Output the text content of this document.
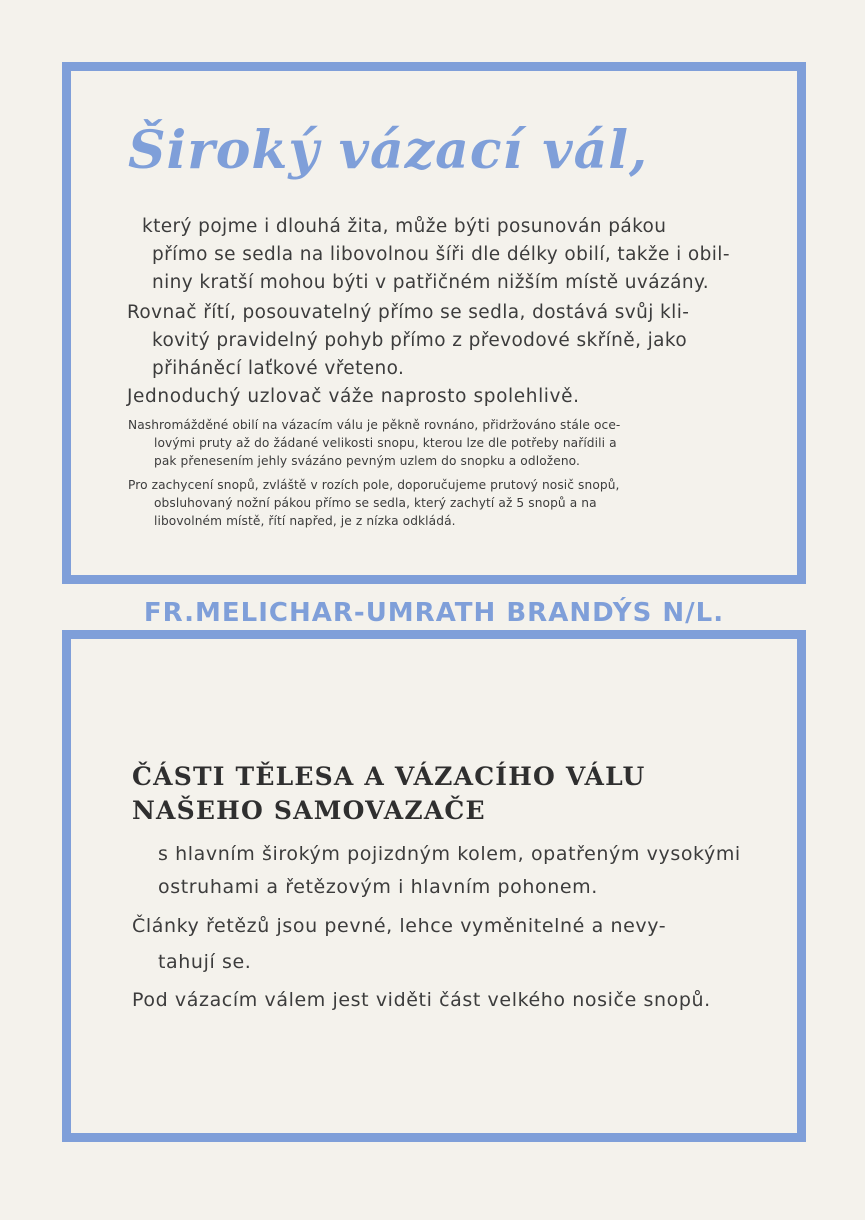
Široký vázací vál,
který pojme i dlouhá žita, může býti posunován pákou
přímo se sedla na libovolnou šíři dle délky obilí, takže i obil-
niny kratší mohou býti v patřičném nižším místě uvázány.
Rovnač řítí, posouvatelný přímo se sedla, dostává svůj kli-
kovitý pravidelný pohyb přímo z převodové skříně, jako
přiháněcí laťkové vřeteno.
Jednoduchý uzlovač váže naprosto spolehlivě.
Nashromážděné obilí na vázacím válu je pěkně rovnáno, přidržováno stále oce-
lovými pruty až do žádané velikosti snopu, kterou lze dle potřeby nařídili a
pak přenesením jehly svázáno pevným uzlem do snopku a odloženo.
Pro zachycení snopů, zvláště v rozích pole, doporučujeme prutový nosič snopů,
obsluhovaný nožní pákou přímo se sedla, který zachytí až 5 snopů a na
libovolném místě, řítí napřed, je z nízka odkládá.
FR.MELICHAR-UMRATH BRANDÝS N/L.
ČÁSTI TĚLESA A VÁZACÍHO VÁLU
NAŠEHO SAMOVAZAČE
s hlavním širokým pojizdným kolem, opatřeným vysokými
ostruhami a řetězovým i hlavním pohonem.
Články řetězů jsou pevné, lehce vyměnitelné a nevy-
tahují se.
Pod vázacím válem jest viděti část velkého nosiče snopů.
